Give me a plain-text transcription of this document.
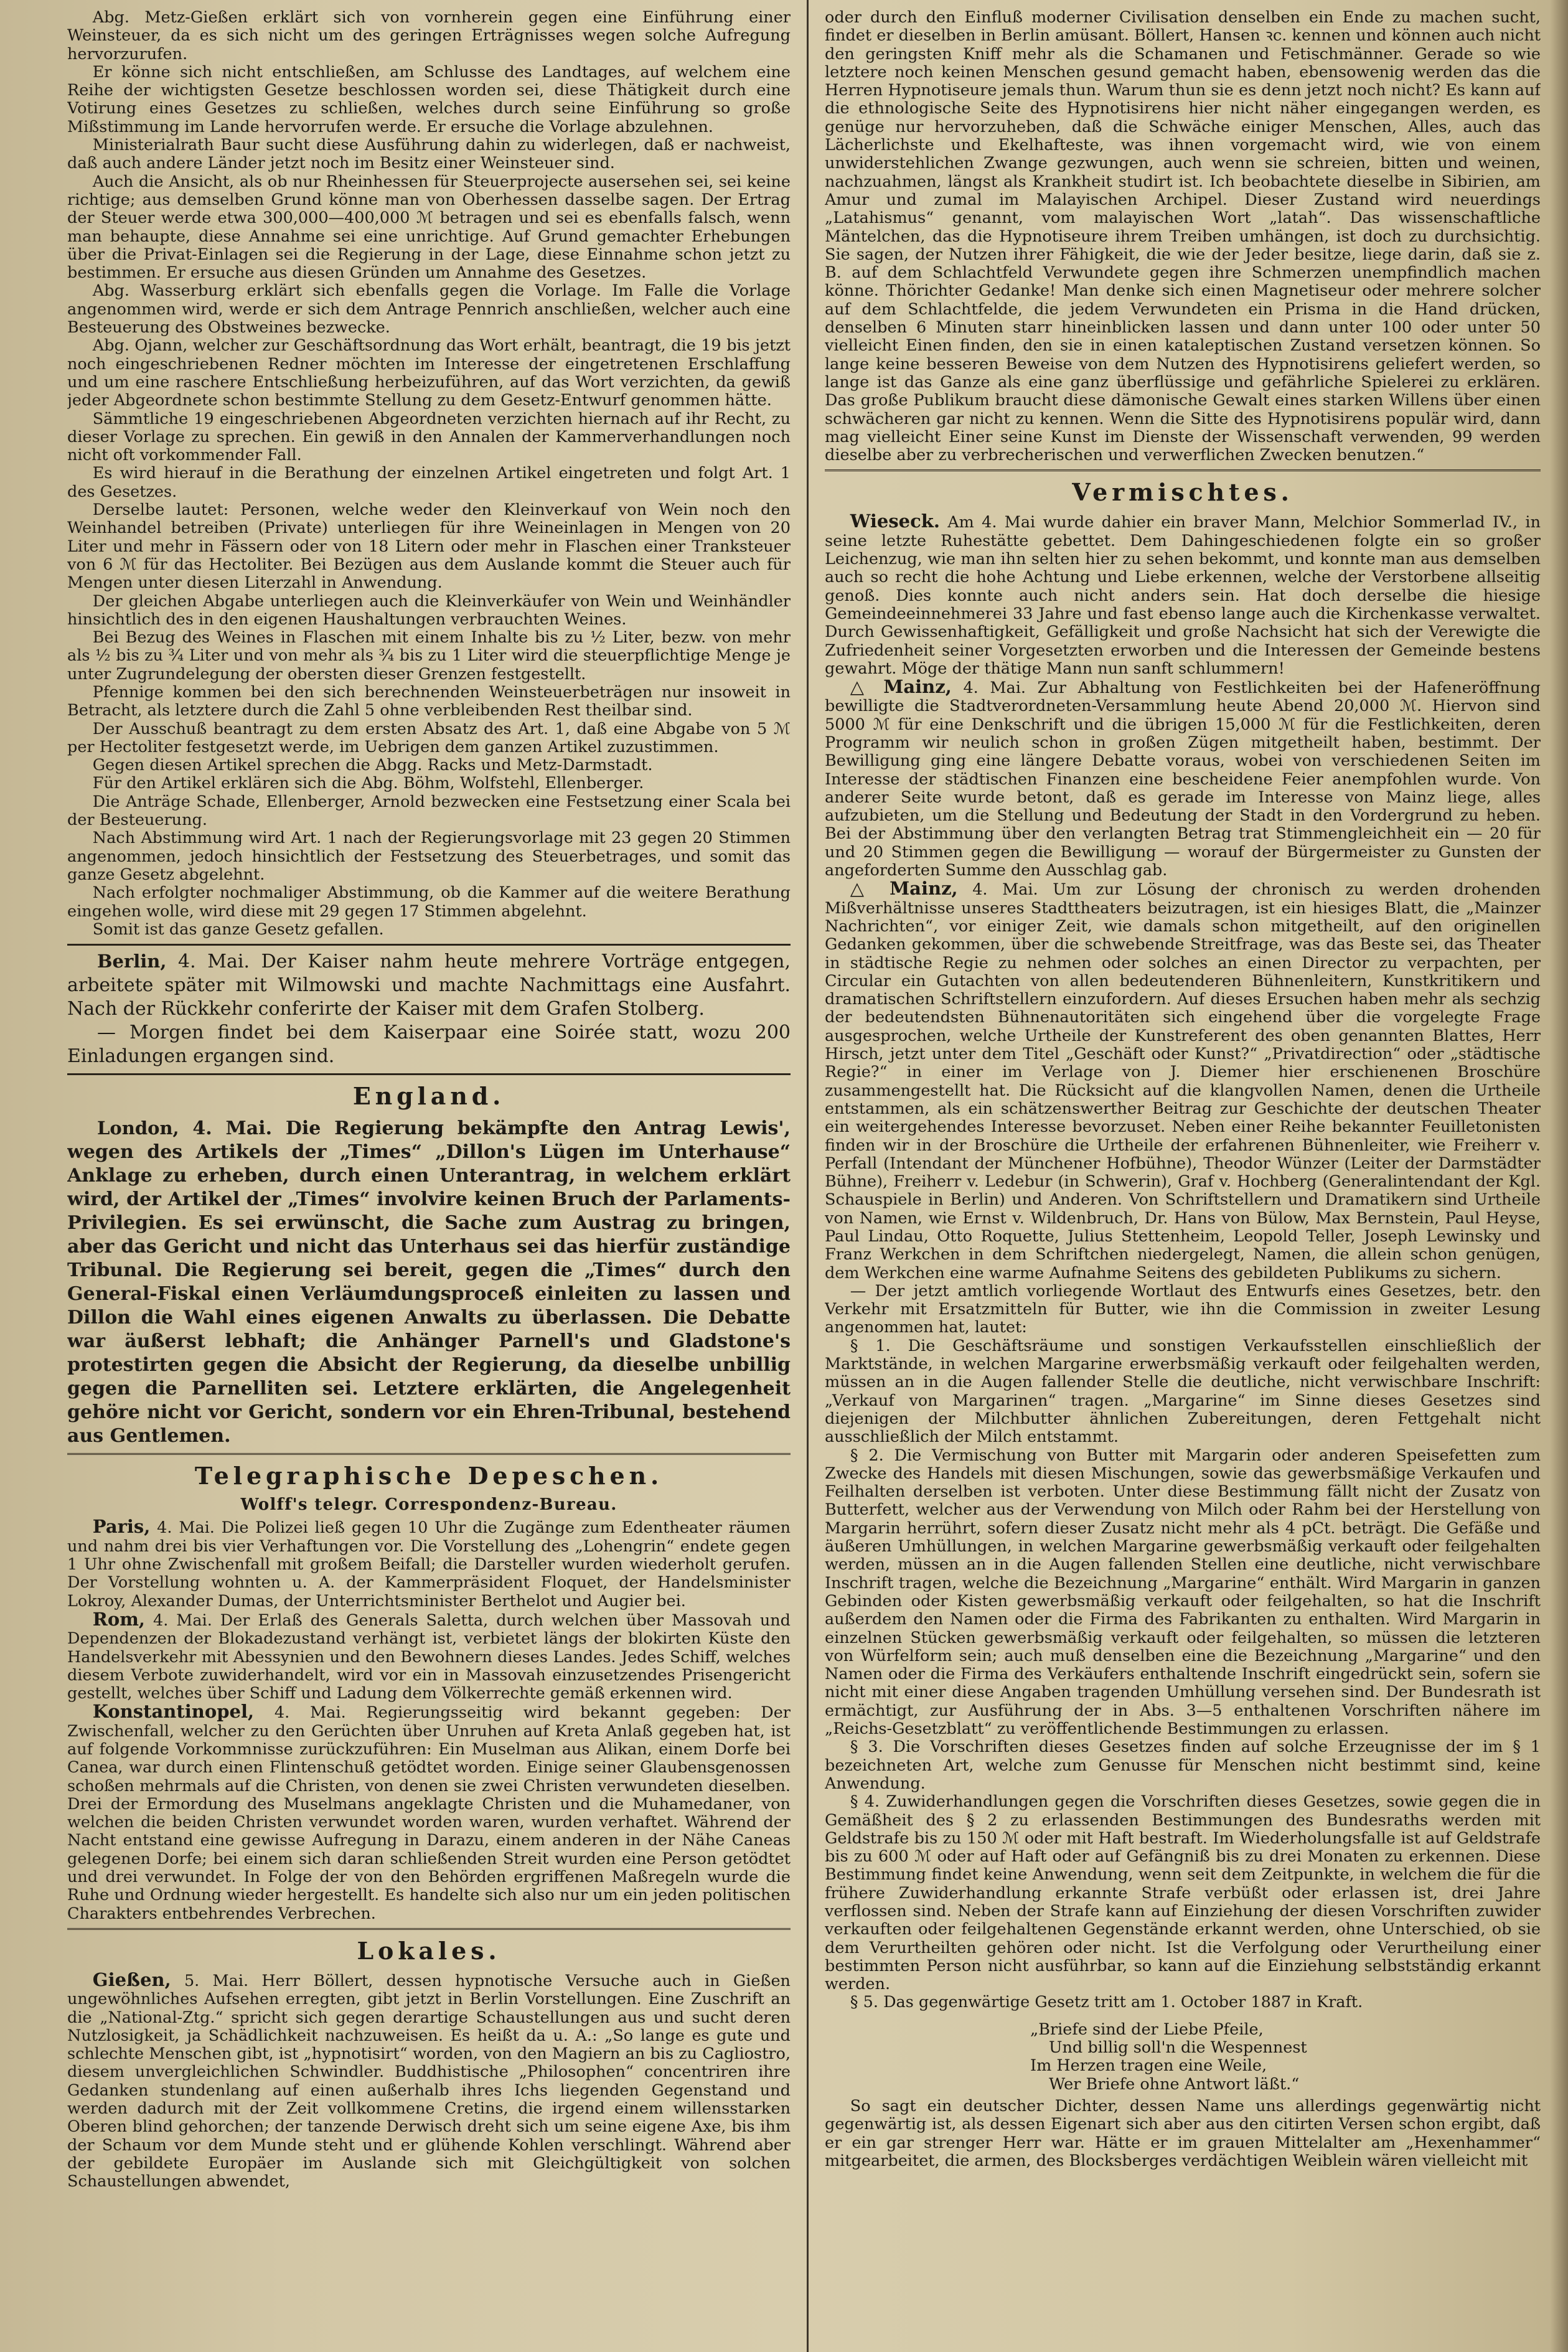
Abg. Metz-Gießen erklärt sich von vornherein gegen eine Einführung einer Weinsteuer, da es sich nicht um des geringen Erträgnisses wegen solche Aufregung hervorzurufen.

Er könne sich nicht entschließen, am Schlusse des Landtages, auf welchem eine Reihe der wichtigsten Gesetze beschlossen worden sei, diese Thätigkeit durch eine Votirung eines Gesetzes zu schließen, welches durch seine Einführung so große Mißstimmung im Lande hervorrufen werde. Er ersuche die Vorlage abzulehnen.

Ministerialrath Baur sucht diese Ausführung dahin zu widerlegen, daß er nachweist, daß auch andere Länder jetzt noch im Besitz einer Weinsteuer sind.

Auch die Ansicht, als ob nur Rheinhessen für Steuerprojecte ausersehen sei, sei keine richtige; aus demselben Grund könne man von Oberhessen dasselbe sagen. Der Ertrag der Steuer werde etwa 300,000—400,000 ℳ betragen und sei es ebenfalls falsch, wenn man behaupte, diese Annahme sei eine unrichtige. Auf Grund gemachter Erhebungen über die Privat-Einlagen sei die Regierung in der Lage, diese Einnahme schon jetzt zu bestimmen. Er ersuche aus diesen Gründen um Annahme des Gesetzes.

Abg. Wasserburg erklärt sich ebenfalls gegen die Vorlage. Im Falle die Vorlage angenommen wird, werde er sich dem Antrage Pennrich anschließen, welcher auch eine Besteuerung des Obstweines bezwecke.

Abg. Ojann, welcher zur Geschäftsordnung das Wort erhält, beantragt, die 19 bis jetzt noch eingeschriebenen Redner möchten im Interesse der eingetretenen Erschlaffung und um eine raschere Entschließung herbeizuführen, auf das Wort verzichten, da gewiß jeder Abgeordnete schon bestimmte Stellung zu dem Gesetz-Entwurf genommen hätte.

Sämmtliche 19 eingeschriebenen Abgeordneten verzichten hiernach auf ihr Recht, zu dieser Vorlage zu sprechen. Ein gewiß in den Annalen der Kammerverhandlungen noch nicht oft vorkommender Fall.

Es wird hierauf in die Berathung der einzelnen Artikel eingetreten und folgt Art. 1 des Gesetzes.

Derselbe lautet: Personen, welche weder den Kleinverkauf von Wein noch den Weinhandel betreiben (Private) unterliegen für ihre Weineinlagen in Mengen von 20 Liter und mehr in Fässern oder von 18 Litern oder mehr in Flaschen einer Tranksteuer von 6 ℳ für das Hectoliter. Bei Bezügen aus dem Auslande kommt die Steuer auch für Mengen unter diesen Literzahl in Anwendung.

Der gleichen Abgabe unterliegen auch die Kleinverkäufer von Wein und Weinhändler hinsichtlich des in den eigenen Haushaltungen verbrauchten Weines.

Bei Bezug des Weines in Flaschen mit einem Inhalte bis zu ½ Liter, bezw. von mehr als ½ bis zu ¾ Liter und von mehr als ¾ bis zu 1 Liter wird die steuerpflichtige Menge je unter Zugrundelegung der obersten dieser Grenzen festgestellt.

Pfennige kommen bei den sich berechnenden Weinsteuerbeträgen nur insoweit in Betracht, als letztere durch die Zahl 5 ohne verbleibenden Rest theilbar sind.

Der Ausschuß beantragt zu dem ersten Absatz des Art. 1, daß eine Abgabe von 5 ℳ per Hectoliter festgesetzt werde, im Uebrigen dem ganzen Artikel zuzustimmen.

Gegen diesen Artikel sprechen die Abgg. Racks und Metz-Darmstadt.

Für den Artikel erklären sich die Abg. Böhm, Wolfstehl, Ellenberger.

Die Anträge Schade, Ellenberger, Arnold bezwecken eine Festsetzung einer Scala bei der Besteuerung.

Nach Abstimmung wird Art. 1 nach der Regierungsvorlage mit 23 gegen 20 Stimmen angenommen, jedoch hinsichtlich der Festsetzung des Steuerbetrages, und somit das ganze Gesetz abgelehnt.

Nach erfolgter nochmaliger Abstimmung, ob die Kammer auf die weitere Berathung eingehen wolle, wird diese mit 29 gegen 17 Stimmen abgelehnt.

Somit ist das ganze Gesetz gefallen.

Berlin, 4. Mai. Der Kaiser nahm heute mehrere Vorträge entgegen, arbeitete später mit Wilmowski und machte Nachmittags eine Ausfahrt. Nach der Rückkehr conferirte der Kaiser mit dem Grafen Stolberg.

— Morgen findet bei dem Kaiserpaar eine Soirée statt, wozu 200 Einladungen ergangen sind.

England.

London, 4. Mai. Die Regierung bekämpfte den Antrag Lewis', wegen des Artikels der „Times“ „Dillon's Lügen im Unterhause“ Anklage zu erheben, durch einen Unterantrag, in welchem erklärt wird, der Artikel der „Times“ involvire keinen Bruch der Parlaments-Privilegien. Es sei erwünscht, die Sache zum Austrag zu bringen, aber das Gericht und nicht das Unterhaus sei das hierfür zuständige Tribunal. Die Regierung sei bereit, gegen die „Times“ durch den General-Fiskal einen Verläumdungsproceß einleiten zu lassen und Dillon die Wahl eines eigenen Anwalts zu überlassen. Die Debatte war äußerst lebhaft; die Anhänger Parnell's und Gladstone's protestirten gegen die Absicht der Regierung, da dieselbe unbillig gegen die Parnelliten sei. Letztere erklärten, die Angelegenheit gehöre nicht vor Gericht, sondern vor ein Ehren-Tribunal, bestehend aus Gentlemen.

Telegraphische Depeschen.
Wolff's telegr. Correspondenz-Bureau.

Paris, 4. Mai. Die Polizei ließ gegen 10 Uhr die Zugänge zum Edentheater räumen und nahm drei bis vier Verhaftungen vor. Die Vorstellung des „Lohengrin“ endete gegen 1 Uhr ohne Zwischenfall mit großem Beifall; die Darsteller wurden wiederholt gerufen. Der Vorstellung wohnten u. A. der Kammerpräsident Floquet, der Handelsminister Lokroy, Alexander Dumas, der Unterrichtsminister Berthelot und Augier bei.

Rom, 4. Mai. Der Erlaß des Generals Saletta, durch welchen über Massovah und Dependenzen der Blokadezustand verhängt ist, verbietet längs der blokirten Küste den Handelsverkehr mit Abessynien und den Bewohnern dieses Landes. Jedes Schiff, welches diesem Verbote zuwiderhandelt, wird vor ein in Massovah einzusetzendes Prisengericht gestellt, welches über Schiff und Ladung dem Völkerrechte gemäß erkennen wird.

Konstantinopel, 4. Mai. Regierungsseitig wird bekannt gegeben: Der Zwischenfall, welcher zu den Gerüchten über Unruhen auf Kreta Anlaß gegeben hat, ist auf folgende Vorkommnisse zurückzuführen: Ein Muselman aus Alikan, einem Dorfe bei Canea, war durch einen Flintenschuß getödtet worden. Einige seiner Glaubensgenossen schoßen mehrmals auf die Christen, von denen sie zwei Christen verwundeten dieselben. Drei der Ermordung des Muselmans angeklagte Christen und die Muhamedaner, von welchen die beiden Christen verwundet worden waren, wurden verhaftet. Während der Nacht entstand eine gewisse Aufregung in Darazu, einem anderen in der Nähe Caneas gelegenen Dorfe; bei einem sich daran schließenden Streit wurden eine Person getödtet und drei verwundet. In Folge der von den Behörden ergriffenen Maßregeln wurde die Ruhe und Ordnung wieder hergestellt. Es handelte sich also nur um ein jeden politischen Charakters entbehrendes Verbrechen.

Lokales.

Gießen, 5. Mai. Herr Böllert, dessen hypnotische Versuche auch in Gießen ungewöhnliches Aufsehen erregten, gibt jetzt in Berlin Vorstellungen. Eine Zuschrift an die „National-Ztg.“ spricht sich gegen derartige Schaustellungen aus und sucht deren Nutzlosigkeit, ja Schädlichkeit nachzuweisen. Es heißt da u. A.: „So lange es gute und schlechte Menschen gibt, ist „hypnotisirt“ worden, von den Magiern an bis zu Cagliostro, diesem unvergleichlichen Schwindler. Buddhistische „Philosophen“ concentriren ihre Gedanken stundenlang auf einen außerhalb ihres Ichs liegenden Gegenstand und werden dadurch mit der Zeit vollkommene Cretins, die irgend einem willensstarken Oberen blind gehorchen; der tanzende Derwisch dreht sich um seine eigene Axe, bis ihm der Schaum vor dem Munde steht und er glühende Kohlen verschlingt. Während aber der gebildete Europäer im Auslande sich mit Gleichgültigkeit von solchen Schaustellungen abwendet,

oder durch den Einfluß moderner Civilisation denselben ein Ende zu machen sucht, findet er dieselben in Berlin amüsant. Böllert, Hansen ꝛc. kennen und können auch nicht den geringsten Kniff mehr als die Schamanen und Fetischmänner. Gerade so wie letztere noch keinen Menschen gesund gemacht haben, ebensowenig werden das die Herren Hypnotiseure jemals thun. Warum thun sie es denn jetzt noch nicht? Es kann auf die ethnologische Seite des Hypnotisirens hier nicht näher eingegangen werden, es genüge nur hervorzuheben, daß die Schwäche einiger Menschen, Alles, auch das Lächerlichste und Ekelhafteste, was ihnen vorgemacht wird, wie von einem unwiderstehlichen Zwange gezwungen, auch wenn sie schreien, bitten und weinen, nachzuahmen, längst als Krankheit studirt ist. Ich beobachtete dieselbe in Sibirien, am Amur und zumal im Malayischen Archipel. Dieser Zustand wird neuerdings „Latahismus“ genannt, vom malayischen Wort „latah“. Das wissenschaftliche Mäntelchen, das die Hypnotiseure ihrem Treiben umhängen, ist doch zu durchsichtig. Sie sagen, der Nutzen ihrer Fähigkeit, die wie der Jeder besitze, liege darin, daß sie z. B. auf dem Schlachtfeld Verwundete gegen ihre Schmerzen unempfindlich machen könne. Thörichter Gedanke! Man denke sich einen Magnetiseur oder mehrere solcher auf dem Schlachtfelde, die jedem Verwundeten ein Prisma in die Hand drücken, denselben 6 Minuten starr hineinblicken lassen und dann unter 100 oder unter 50 vielleicht Einen finden, den sie in einen kataleptischen Zustand versetzen können. So lange keine besseren Beweise von dem Nutzen des Hypnotisirens geliefert werden, so lange ist das Ganze als eine ganz überflüssige und gefährliche Spielerei zu erklären. Das große Publikum braucht diese dämonische Gewalt eines starken Willens über einen schwächeren gar nicht zu kennen. Wenn die Sitte des Hypnotisirens populär wird, dann mag vielleicht Einer seine Kunst im Dienste der Wissenschaft verwenden, 99 werden dieselbe aber zu verbrecherischen und verwerflichen Zwecken benutzen.“

Vermischtes.

Wieseck. Am 4. Mai wurde dahier ein braver Mann, Melchior Sommerlad IV., in seine letzte Ruhestätte gebettet. Dem Dahingeschiedenen folgte ein so großer Leichenzug, wie man ihn selten hier zu sehen bekommt, und konnte man aus demselben auch so recht die hohe Achtung und Liebe erkennen, welche der Verstorbene allseitig genoß. Dies konnte auch nicht anders sein. Hat doch derselbe die hiesige Gemeindeeinnehmerei 33 Jahre und fast ebenso lange auch die Kirchenkasse verwaltet. Durch Gewissenhaftigkeit, Gefälligkeit und große Nachsicht hat sich der Verewigte die Zufriedenheit seiner Vorgesetzten erworben und die Interessen der Gemeinde bestens gewahrt. Möge der thätige Mann nun sanft schlummern!

△ Mainz, 4. Mai. Zur Abhaltung von Festlichkeiten bei der Hafeneröffnung bewilligte die Stadtverordneten-Versammlung heute Abend 20,000 ℳ. Hiervon sind 5000 ℳ für eine Denkschrift und die übrigen 15,000 ℳ für die Festlichkeiten, deren Programm wir neulich schon in großen Zügen mitgetheilt haben, bestimmt. Der Bewilligung ging eine längere Debatte voraus, wobei von verschiedenen Seiten im Interesse der städtischen Finanzen eine bescheidene Feier anempfohlen wurde. Von anderer Seite wurde betont, daß es gerade im Interesse von Mainz liege, alles aufzubieten, um die Stellung und Bedeutung der Stadt in den Vordergrund zu heben. Bei der Abstimmung über den verlangten Betrag trat Stimmengleichheit ein — 20 für und 20 Stimmen gegen die Bewilligung — worauf der Bürgermeister zu Gunsten der angeforderten Summe den Ausschlag gab.

△ Mainz, 4. Mai. Um zur Lösung der chronisch zu werden drohenden Mißverhältnisse unseres Stadttheaters beizutragen, ist ein hiesiges Blatt, die „Mainzer Nachrichten“, vor einiger Zeit, wie damals schon mitgetheilt, auf den originellen Gedanken gekommen, über die schwebende Streitfrage, was das Beste sei, das Theater in städtische Regie zu nehmen oder solches an einen Director zu verpachten, per Circular ein Gutachten von allen bedeutenderen Bühnenleitern, Kunstkritikern und dramatischen Schriftstellern einzufordern. Auf dieses Ersuchen haben mehr als sechzig der bedeutendsten Bühnenautoritäten sich eingehend über die vorgelegte Frage ausgesprochen, welche Urtheile der Kunstreferent des oben genannten Blattes, Herr Hirsch, jetzt unter dem Titel „Geschäft oder Kunst?“ „Privatdirection“ oder „städtische Regie?“ in einer im Verlage von J. Diemer hier erschienenen Broschüre zusammengestellt hat. Die Rücksicht auf die klangvollen Namen, denen die Urtheile entstammen, als ein schätzenswerther Beitrag zur Geschichte der deutschen Theater ein weitergehendes Interesse bevorzuset. Neben einer Reihe bekannter Feuilletonisten finden wir in der Broschüre die Urtheile der erfahrenen Bühnenleiter, wie Freiherr v. Perfall (Intendant der Münchener Hofbühne), Theodor Wünzer (Leiter der Darmstädter Bühne), Freiherr v. Ledebur (in Schwerin), Graf v. Hochberg (Generalintendant der Kgl. Schauspiele in Berlin) und Anderen. Von Schriftstellern und Dramatikern sind Urtheile von Namen, wie Ernst v. Wildenbruch, Dr. Hans von Bülow, Max Bernstein, Paul Heyse, Paul Lindau, Otto Roquette, Julius Stettenheim, Leopold Teller, Joseph Lewinsky und Franz Werkchen in dem Schriftchen niedergelegt, Namen, die allein schon genügen, dem Werkchen eine warme Aufnahme Seitens des gebildeten Publikums zu sichern.

— Der jetzt amtlich vorliegende Wortlaut des Entwurfs eines Gesetzes, betr. den Verkehr mit Ersatzmitteln für Butter, wie ihn die Commission in zweiter Lesung angenommen hat, lautet:

§ 1. Die Geschäftsräume und sonstigen Verkaufsstellen einschließlich der Marktstände, in welchen Margarine erwerbsmäßig verkauft oder feilgehalten werden, müssen an in die Augen fallender Stelle die deutliche, nicht verwischbare Inschrift: „Verkauf von Margarinen“ tragen. „Margarine“ im Sinne dieses Gesetzes sind diejenigen der Milchbutter ähnlichen Zubereitungen, deren Fettgehalt nicht ausschließlich der Milch entstammt.

§ 2. Die Vermischung von Butter mit Margarin oder anderen Speisefetten zum Zwecke des Handels mit diesen Mischungen, sowie das gewerbsmäßige Verkaufen und Feilhalten derselben ist verboten. Unter diese Bestimmung fällt nicht der Zusatz von Butterfett, welcher aus der Verwendung von Milch oder Rahm bei der Herstellung von Margarin herrührt, sofern dieser Zusatz nicht mehr als 4 pCt. beträgt. Die Gefäße und äußeren Umhüllungen, in welchen Margarine gewerbsmäßig verkauft oder feilgehalten werden, müssen an in die Augen fallenden Stellen eine deutliche, nicht verwischbare Inschrift tragen, welche die Bezeichnung „Margarine“ enthält. Wird Margarin in ganzen Gebinden oder Kisten gewerbsmäßig verkauft oder feilgehalten, so hat die Inschrift außerdem den Namen oder die Firma des Fabrikanten zu enthalten. Wird Margarin in einzelnen Stücken gewerbsmäßig verkauft oder feilgehalten, so müssen die letzteren von Würfelform sein; auch muß denselben eine die Bezeichnung „Margarine“ und den Namen oder die Firma des Verkäufers enthaltende Inschrift eingedrückt sein, sofern sie nicht mit einer diese Angaben tragenden Umhüllung versehen sind. Der Bundesrath ist ermächtigt, zur Ausführung der in Abs. 3—5 enthaltenen Vorschriften nähere im „Reichs-Gesetzblatt“ zu veröffentlichende Bestimmungen zu erlassen.

§ 3. Die Vorschriften dieses Gesetzes finden auf solche Erzeugnisse der im § 1 bezeichneten Art, welche zum Genusse für Menschen nicht bestimmt sind, keine Anwendung.

§ 4. Zuwiderhandlungen gegen die Vorschriften dieses Gesetzes, sowie gegen die in Gemäßheit des § 2 zu erlassenden Bestimmungen des Bundesraths werden mit Geldstrafe bis zu 150 ℳ oder mit Haft bestraft. Im Wiederholungsfalle ist auf Geldstrafe bis zu 600 ℳ oder auf Haft oder auf Gefängniß bis zu drei Monaten zu erkennen. Diese Bestimmung findet keine Anwendung, wenn seit dem Zeitpunkte, in welchem die für die frühere Zuwiderhandlung erkannte Strafe verbüßt oder erlassen ist, drei Jahre verflossen sind. Neben der Strafe kann auf Einziehung der diesen Vorschriften zuwider verkauften oder feilgehaltenen Gegenstände erkannt werden, ohne Unterschied, ob sie dem Verurtheilten gehören oder nicht. Ist die Verfolgung oder Verurtheilung einer bestimmten Person nicht ausführbar, so kann auf die Einziehung selbstständig erkannt werden.

§ 5. Das gegenwärtige Gesetz tritt am 1. October 1887 in Kraft.

„Briefe sind der Liebe Pfeile,
Und billig soll'n die Wespennest
Im Herzen tragen eine Weile,
Wer Briefe ohne Antwort läßt.“

So sagt ein deutscher Dichter, dessen Name uns allerdings gegenwärtig nicht gegenwärtig ist, als dessen Eigenart sich aber aus den citirten Versen schon ergibt, daß er ein gar strenger Herr war. Hätte er im grauen Mittelalter am „Hexenhammer“ mitgearbeitet, die armen, des Blocksberges verdächtigen Weiblein wären vielleicht mit
